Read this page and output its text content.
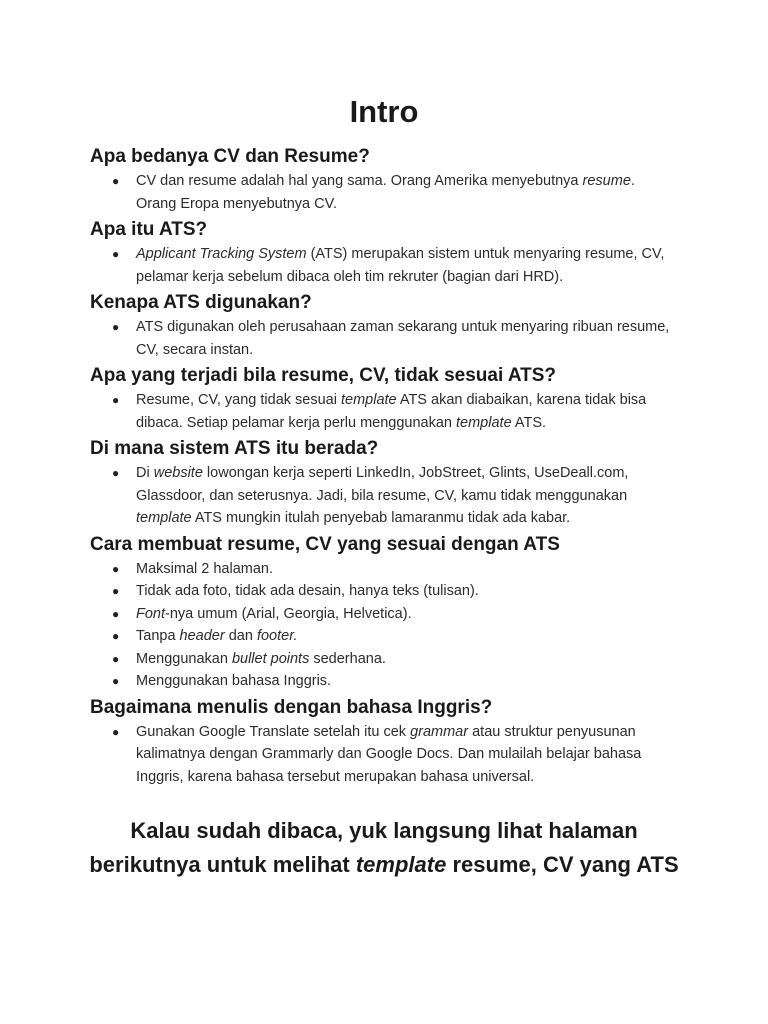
Intro
Apa bedanya CV dan Resume?
● CV dan resume adalah hal yang sama. Orang Amerika menyebutnya resume. Orang Eropa menyebutnya CV.
Apa itu ATS?
● Applicant Tracking System (ATS) merupakan sistem untuk menyaring resume, CV, pelamar kerja sebelum dibaca oleh tim rekruter (bagian dari HRD).
Kenapa ATS digunakan?
● ATS digunakan oleh perusahaan zaman sekarang untuk menyaring ribuan resume, CV, secara instan.
Apa yang terjadi bila resume, CV, tidak sesuai ATS?
● Resume, CV, yang tidak sesuai template ATS akan diabaikan, karena tidak bisa dibaca. Setiap pelamar kerja perlu menggunakan template ATS.
Di mana sistem ATS itu berada?
● Di website lowongan kerja seperti LinkedIn, JobStreet, Glints, UseDeall.com, Glassdoor, dan seterusnya. Jadi, bila resume, CV, kamu tidak menggunakan template ATS mungkin itulah penyebab lamaranmu tidak ada kabar.
Cara membuat resume, CV yang sesuai dengan ATS
● Maksimal 2 halaman.
● Tidak ada foto, tidak ada desain, hanya teks (tulisan).
● Font-nya umum (Arial, Georgia, Helvetica).
● Tanpa header dan footer.
● Menggunakan bullet points sederhana.
● Menggunakan bahasa Inggris.
Bagaimana menulis dengan bahasa Inggris?
● Gunakan Google Translate setelah itu cek grammar atau struktur penyusunan kalimatnya dengan Grammarly dan Google Docs. Dan mulailah belajar bahasa Inggris, karena bahasa tersebut merupakan bahasa universal.

Kalau sudah dibaca, yuk langsung lihat halaman berikutnya untuk melihat template resume, CV yang ATS
